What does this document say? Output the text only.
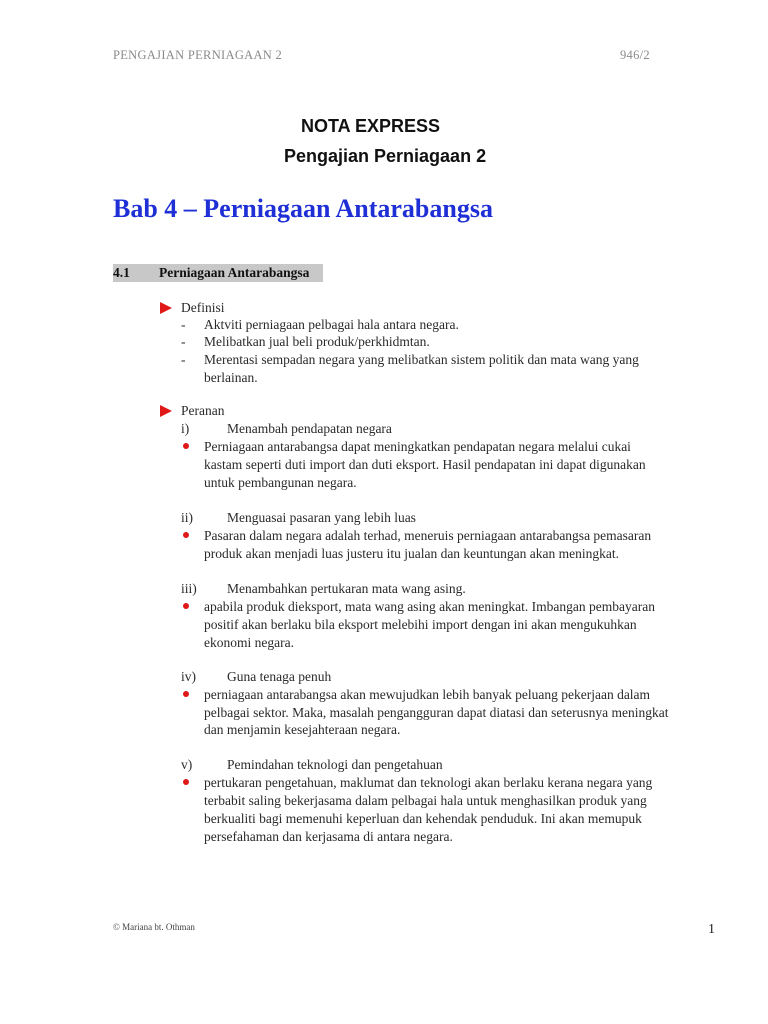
PENGAJIAN PERNIAGAAN 2	946/2
NOTA EXPRESS
Pengajian Perniagaan 2
Bab 4 – Perniagaan Antarabangsa
4.1 Perniagaan Antarabangsa
Definisi
- Aktviti perniagaan pelbagai hala antara negara.
- Melibatkan jual beli produk/perkhidmtan.
- Merentasi sempadan negara yang melibatkan sistem politik dan mata wang yang
berlainan.
Peranan
i)	Menambah pendapatan negara
Perniagaan antarabangsa dapat meningkatkan pendapatan negara melalui cukai
kastam seperti duti import dan duti eksport. Hasil pendapatan ini dapat digunakan
untuk pembangunan negara.
ii)	Menguasai pasaran yang lebih luas
Pasaran dalam negara adalah terhad, meneruis perniagaan antarabangsa pemasaran
produk akan menjadi luas justeru itu jualan dan keuntungan akan meningkat.
iii) Menambahkan pertukaran mata wang asing.
apabila produk dieksport, mata wang asing akan meningkat. Imbangan pembayaran
positif akan berlaku bila eksport melebihi import dengan ini akan mengukuhkan
ekonomi negara.
iv) Guna tenaga penuh
perniagaan antarabangsa akan mewujudkan lebih banyak peluang pekerjaan dalam
pelbagai sektor. Maka, masalah pengangguran dapat diatasi dan seterusnya meningkat
dan menjamin kesejahteraan negara.
v)	Pemindahan teknologi dan pengetahuan
pertukaran pengetahuan, maklumat dan teknologi akan berlaku kerana negara yang
terbabit saling bekerjasama dalam pelbagai hala untuk menghasilkan produk yang
berkualiti bagi memenuhi keperluan dan kehendak penduduk. Ini akan memupuk
persefahaman dan kerjasama di antara negara.
© Mariana bt. Othman	1
